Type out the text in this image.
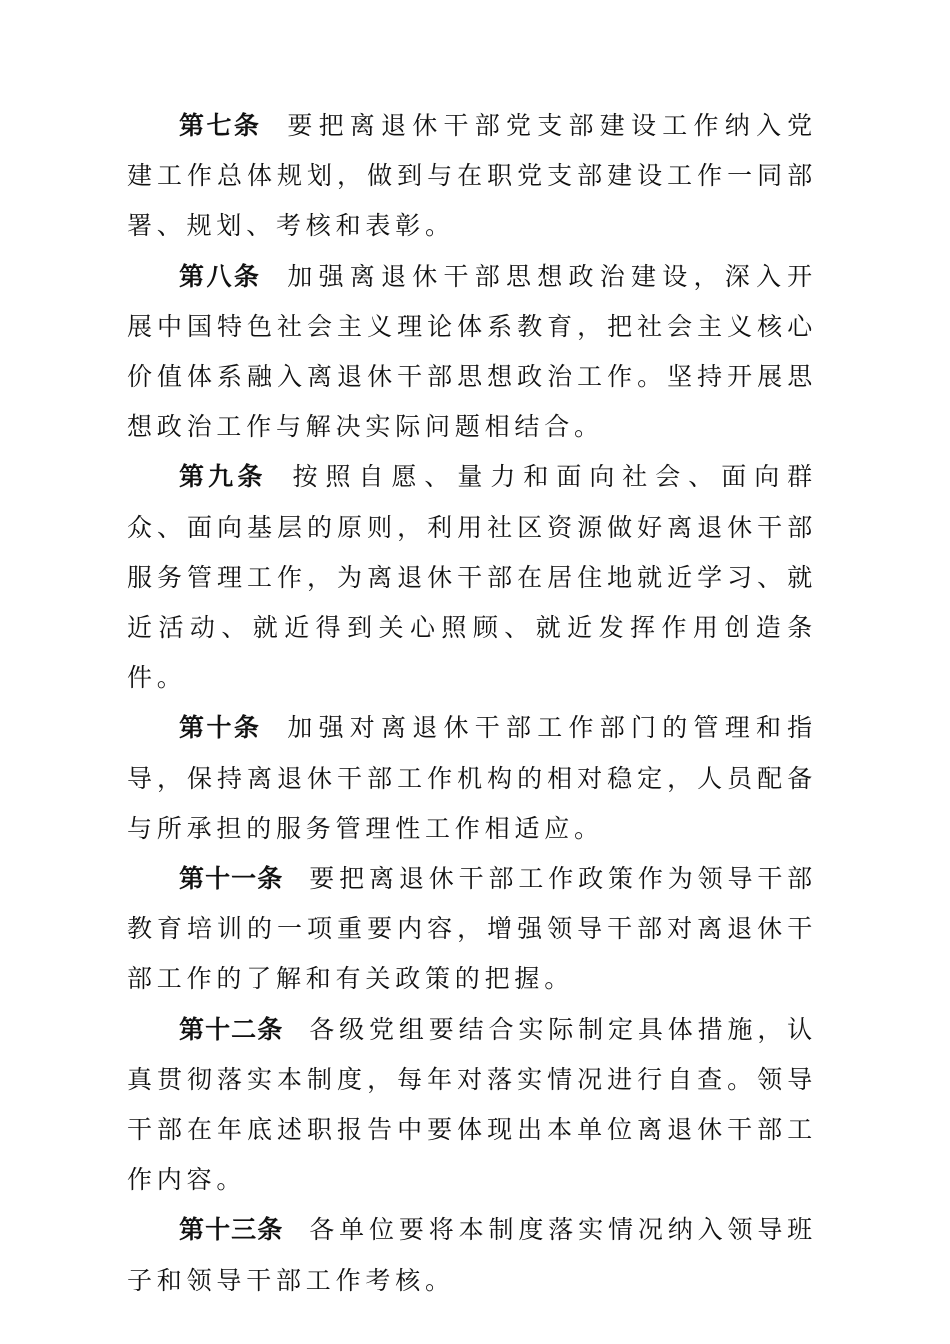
第七条 要把离退休干部党支部建设工作纳入党建工作总体规划，做到与在职党支部建设工作一同部署、规划、考核和表彰。

第八条 加强离退休干部思想政治建设，深入开展中国特色社会主义理论体系教育，把社会主义核心价值体系融入离退休干部思想政治工作。坚持开展思想政治工作与解决实际问题相结合。

第九条 按照自愿、量力和面向社会、面向群众、面向基层的原则，利用社区资源做好离退休干部服务管理工作，为离退休干部在居住地就近学习、就近活动、就近得到关心照顾、就近发挥作用创造条件。

第十条 加强对离退休干部工作部门的管理和指导，保持离退休干部工作机构的相对稳定，人员配备与所承担的服务管理性工作相适应。

第十一条 要把离退休干部工作政策作为领导干部教育培训的一项重要内容，增强领导干部对离退休干部工作的了解和有关政策的把握。

第十二条 各级党组要结合实际制定具体措施，认真贯彻落实本制度，每年对落实情况进行自查。领导干部在年底述职报告中要体现出本单位离退休干部工作内容。

第十三条 各单位要将本制度落实情况纳入领导班子和领导干部工作考核。
